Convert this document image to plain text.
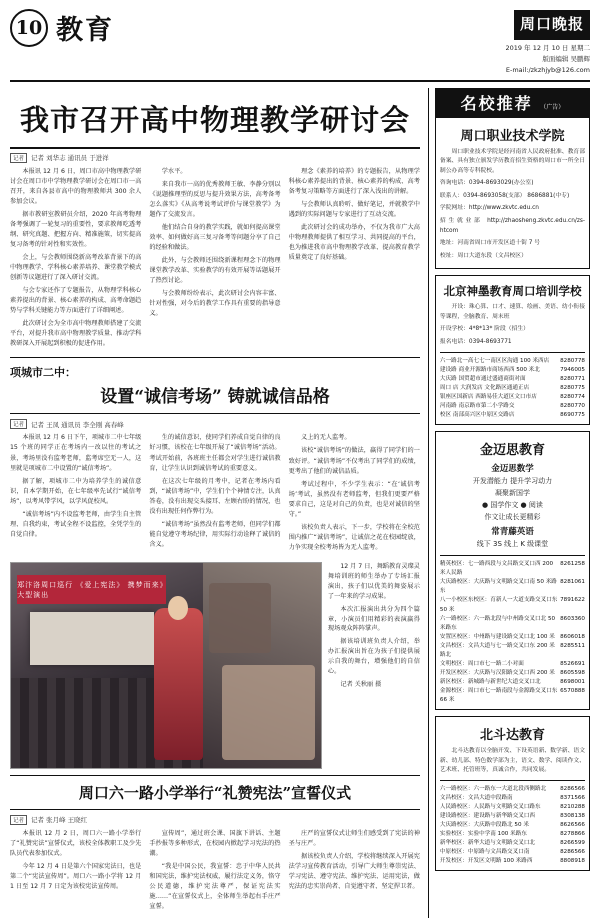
10 教育	周口晚报
2019 年 12 月 10 日 星期二
版面编辑 吴鹏辉
E-mail:/zkzhjyb@126.com
我市召开高中物理教学研讨会
记者	记者 刘华志 通讯员 于进祥

本报讯 12 月 6 日，周口市高中物理教学研讨会在周口市中学物理教学研讨会在周口市一高召开，来自各县市高中的物理教师共 300 余人参加会议。

据市教研室教研员介绍，2020 年高考物理备考强调了一轮复习的重要性，要求教师吃透考纲、研究真题、把握方向、精准施策，切实提高复习备考的针对性和实效性。

会上，与会教师围绕新高考改革背景下的高中物理教学、学科核心素养培养、课堂教学模式创新等议题进行了深入研讨交流。

与会专家还作了专题报告，从物理学科核心素养提出的背景、核心素养的构成、高考命题趋势与学科关键能力等方面进行了详细阐述。

此次研讨会为全市高中物理教师搭建了交流平台，对提升我市高中物理教学质量、推动学科教研深入开展起到积极的促进作用。

学水平。

来自我市一高的优秀教师王敏、李静分别以《说题推理型的反思与提升效果方法，高考备考怎么落实》《从高考说考试评价与课堂教学》为题作了交流发言。

他们结合自身的教学实践，就如何提高课堂效率、如何做好高三复习备考等问题分享了自己的经验和做法。

此外，与会教师还围绕新课程理念下的物理课堂教学改革、实验教学的有效开展等话题展开了热烈讨论。

与会教师纷纷表示，此次研讨会内容丰富、针对性强，对今后的教学工作具有重要的指导意义。

理念《素养的培养》的专题报告，从物理学科核心素养提出的背景、核心素养的构成、高考备考复习策略等方面进行了深入浅出的讲解。

与会教师认真聆听、做好笔记，并就教学中遇到的实际问题与专家进行了互动交流。

此次研讨会的成功举办，不仅为我市广大高中物理教师提供了相互学习、共同提高的平台，也为推进我市高中物理教学改革、提高教育教学质量奠定了良好基础。

项城市二中：
设置“诚信考场” 铸就诚信品格
记者	记者 王凤 通讯员 李全刚 高春峰

本报讯 12 月 6 日下午，项城市二中七年级 15 个班的同学正在考场内一改以往的考试之景，考场里没有监考老师，监考席空无一人，这里就是项城市二中设置的“诚信考场”。

据了解，项城市二中为培养学生的诚信意识，自本学期开始，在七年级率先试行“诚信考场”，以考风带学风，以学风促校风。

“诚信考场”内不设监考老师，由学生自主管理、自我约束，考试全程不设监控，全凭学生的自觉自律。

生的诚信意识，使同学们养成自觉自律的良好习惯，该校在七年级开展了“诚信考场”活动。考试开始前，各班班主任都会对学生进行诚信教育，让学生认识到诚信考试的重要意义。

在这次七年级的月考中，记者在考场内看到，“诚信考场”中，学生们个个神情专注，认真答卷，没有出现交头接耳、左顾右盼的情况，也没有出现任何作弊行为。

“诚信考场”虽然没有监考老师，但同学们都能自觉遵守考场纪律，用实际行动诠释了诚信的含义。

义上的无人监考。

该校“诚信考场”的做法，赢得了同学们的一致好评。“诚信考场”不仅考出了同学们的成绩，更考出了他们的诚信品质。

考试过程中，不少学生表示：“在‘诚信考场’考试，虽然没有老师监考，但我们更要严格要求自己，这是对自己的负责，也是对诚信的坚守。”

该校负责人表示，下一步，学校将在全校范围内推广“诚信考场”，让诚信之花在校园绽放，力争实现全校考场皆为无人监考。

郑汴洛周口巡行 《爱上宪法》 携梦而来》大型演出

12 月 7 日，舞蹈教育灵璨灵舞培训班的师生举办了专场汇报演出，孩子们以优美的舞姿展示了一年来的学习成果。

本次汇报演出共分为四个篇章，小演员们用精彩的表演赢得现场观众阵阵掌声。

据该培训班负责人介绍，举办汇报演出旨在为孩子们提供展示自我的舞台，增强他们的自信心。

记者 关秋丽 摄

周口六一路小学举行“礼赞宪法”宣誓仪式
记者	记者 张月峰 王晓红

本报讯 12 月 2 日，周口六一路小学举行了“礼赞宪法”宣誓仪式，该校全体教职工及少先队员代表参加仪式。

今年 12 月 4 日是第六个国家宪法日，也是第二个“宪法宣传周”。周口六一路小学将 12 月 1 日至 12 月 7 日定为该校宪法宣传周。

宣传周”，通过班会课、国旗下讲话、主题手抄报等多种形式，在校园内掀起学习宪法的热潮。

“我是中国公民，我宣誓：忠于中华人民共和国宪法，维护宪法权威，履行法定义务，恪守公民道德，维护宪法尊严，保证宪法实施……”在宣誓仪式上，全体师生举起右手庄严宣誓。

庄严的宣誓仪式让师生们感受到了宪法的神圣与庄严。

据该校负责人介绍，学校将继续深入开展宪法学习宣传教育活动，引导广大师生尊崇宪法、学习宪法、遵守宪法、维护宪法、运用宪法，做宪法的忠实崇尚者、自觉遵守者、坚定捍卫者。

名校推荐 （广告）
周口职业技术学院

周口职业技术学院是经河南省人民政府批准、教育部备案、具有独立颁发学历教育招生资格的周口市一所全日制公办高等专科院校。

咨询电话：0394-8693029(办公室)

联系人：0394-8693058(支部） 8686881(中专)

学院网址：http://www.zkvtc.edu.cn

招生就业部 http://zhaosheng.zkvtc.edu.cn/zs-htcom

地址：河南省周口市开发区道十街 7 号

校址：周口大道东段（文昌校区）

北京神墨教育周口培训学校

开设：珠心算、口才、速算、绘画、美语、幼小衔接等课程，全脑教育、周末班

开设学校：4*8*13* 阶段（招生）

报名电话：0394-8693771

六一路北一高七七一南区区沟通 100 米西店 8280778
建设路 商业开源路市商场西西 500 米北	7946005
大庆路 国贸超市通过盛通商街对面	8280771
周口 店 大润发店 文化路区通通正店	8280775
银座区国新店 西路易佳大道区文口市店	8280774
河南路 南京路市第二小学路交	8280770
校区 南部高兴区中原区交路店	8690775
金迈思教育
金迈思数学
开发潜能力 提升学习动力
凝聚新国学
● 国学作文 ● 阅读
作文让成长更精彩
常青藤英语
线下 3S 线上 K 级课堂
精英校区：七一路西段与文昌路交叉口西 200 米人民路
8261258
大庆路校区：大庆路与文明路交叉口南 50 米路东
8281061
八一小校区东校区：育新人一大道支路交叉口东 50 米
7891622
六一路校区：六一路北段与中州路交叉口北 50 米路东
8603360
安置区校区：中州路与建设路交叉口北 100 米 8606018
文昌校区：文昌大道与七一路交叉口东 200 米路北
8285511
文明校区：周口市七一路二小对面	8526691
开发区校区：大庆路与汉阳路交叉口西 200 米 8605598
新区校区：新城路与新世纪大道交叉口北	8698001
金源校区：周口市七一路南段与金源路交叉口东 66 米
6570888
北斗达教育

北斗达教育以全脑开发、下设英语新、数学新、语文新、幼儿部、特色数学部为主，语文、数学、阅读作文、艺术班、托管班等，真诚合作，共同发展。

六一路校区：六一路东一大道北段西侧路北 8286566
文昌校区：文昌大道中段路南	8371566
人民路校区：人民路与文明路交叉口路东	8210288
建设路校区：建设路与新华路交叉口西	8308138
大庆路校区：大庆路中段路北 50 米	8626566
实验校区：实验中学南 100 米路东	8278866
新华校区：新华大道与文明路交叉口北	8266599
中原校区：中原路与文昌路交叉口南	8286566
开发校区：开发区文明路 100 米路西	8808918
